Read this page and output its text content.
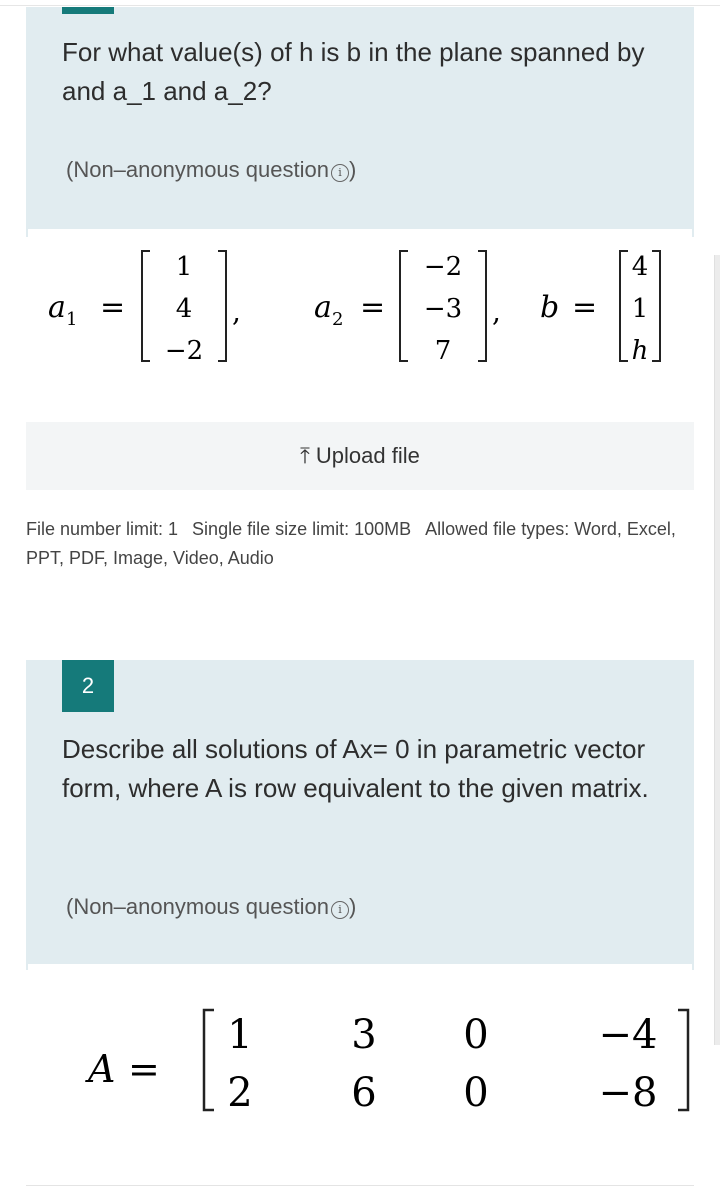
For what value(s) of h is b in the plane spanned by and a_1 and a_2?

(Non–anonymous question i )
a 1 =
1
4
−2
, a 2 =
−2
−3
7
, b =
4
1
h
⤒ Upload file

File number limit: 1 Single file size limit: 100MB Allowed file types: Word, Excel, PPT, PDF, Image, Video, Audio

2

Describe all solutions of Ax= 0 in parametric vector form, where A is row equivalent to the given matrix.

(Non–anonymous question i )
A =
1 3 0	−4
2 6 0	−8
